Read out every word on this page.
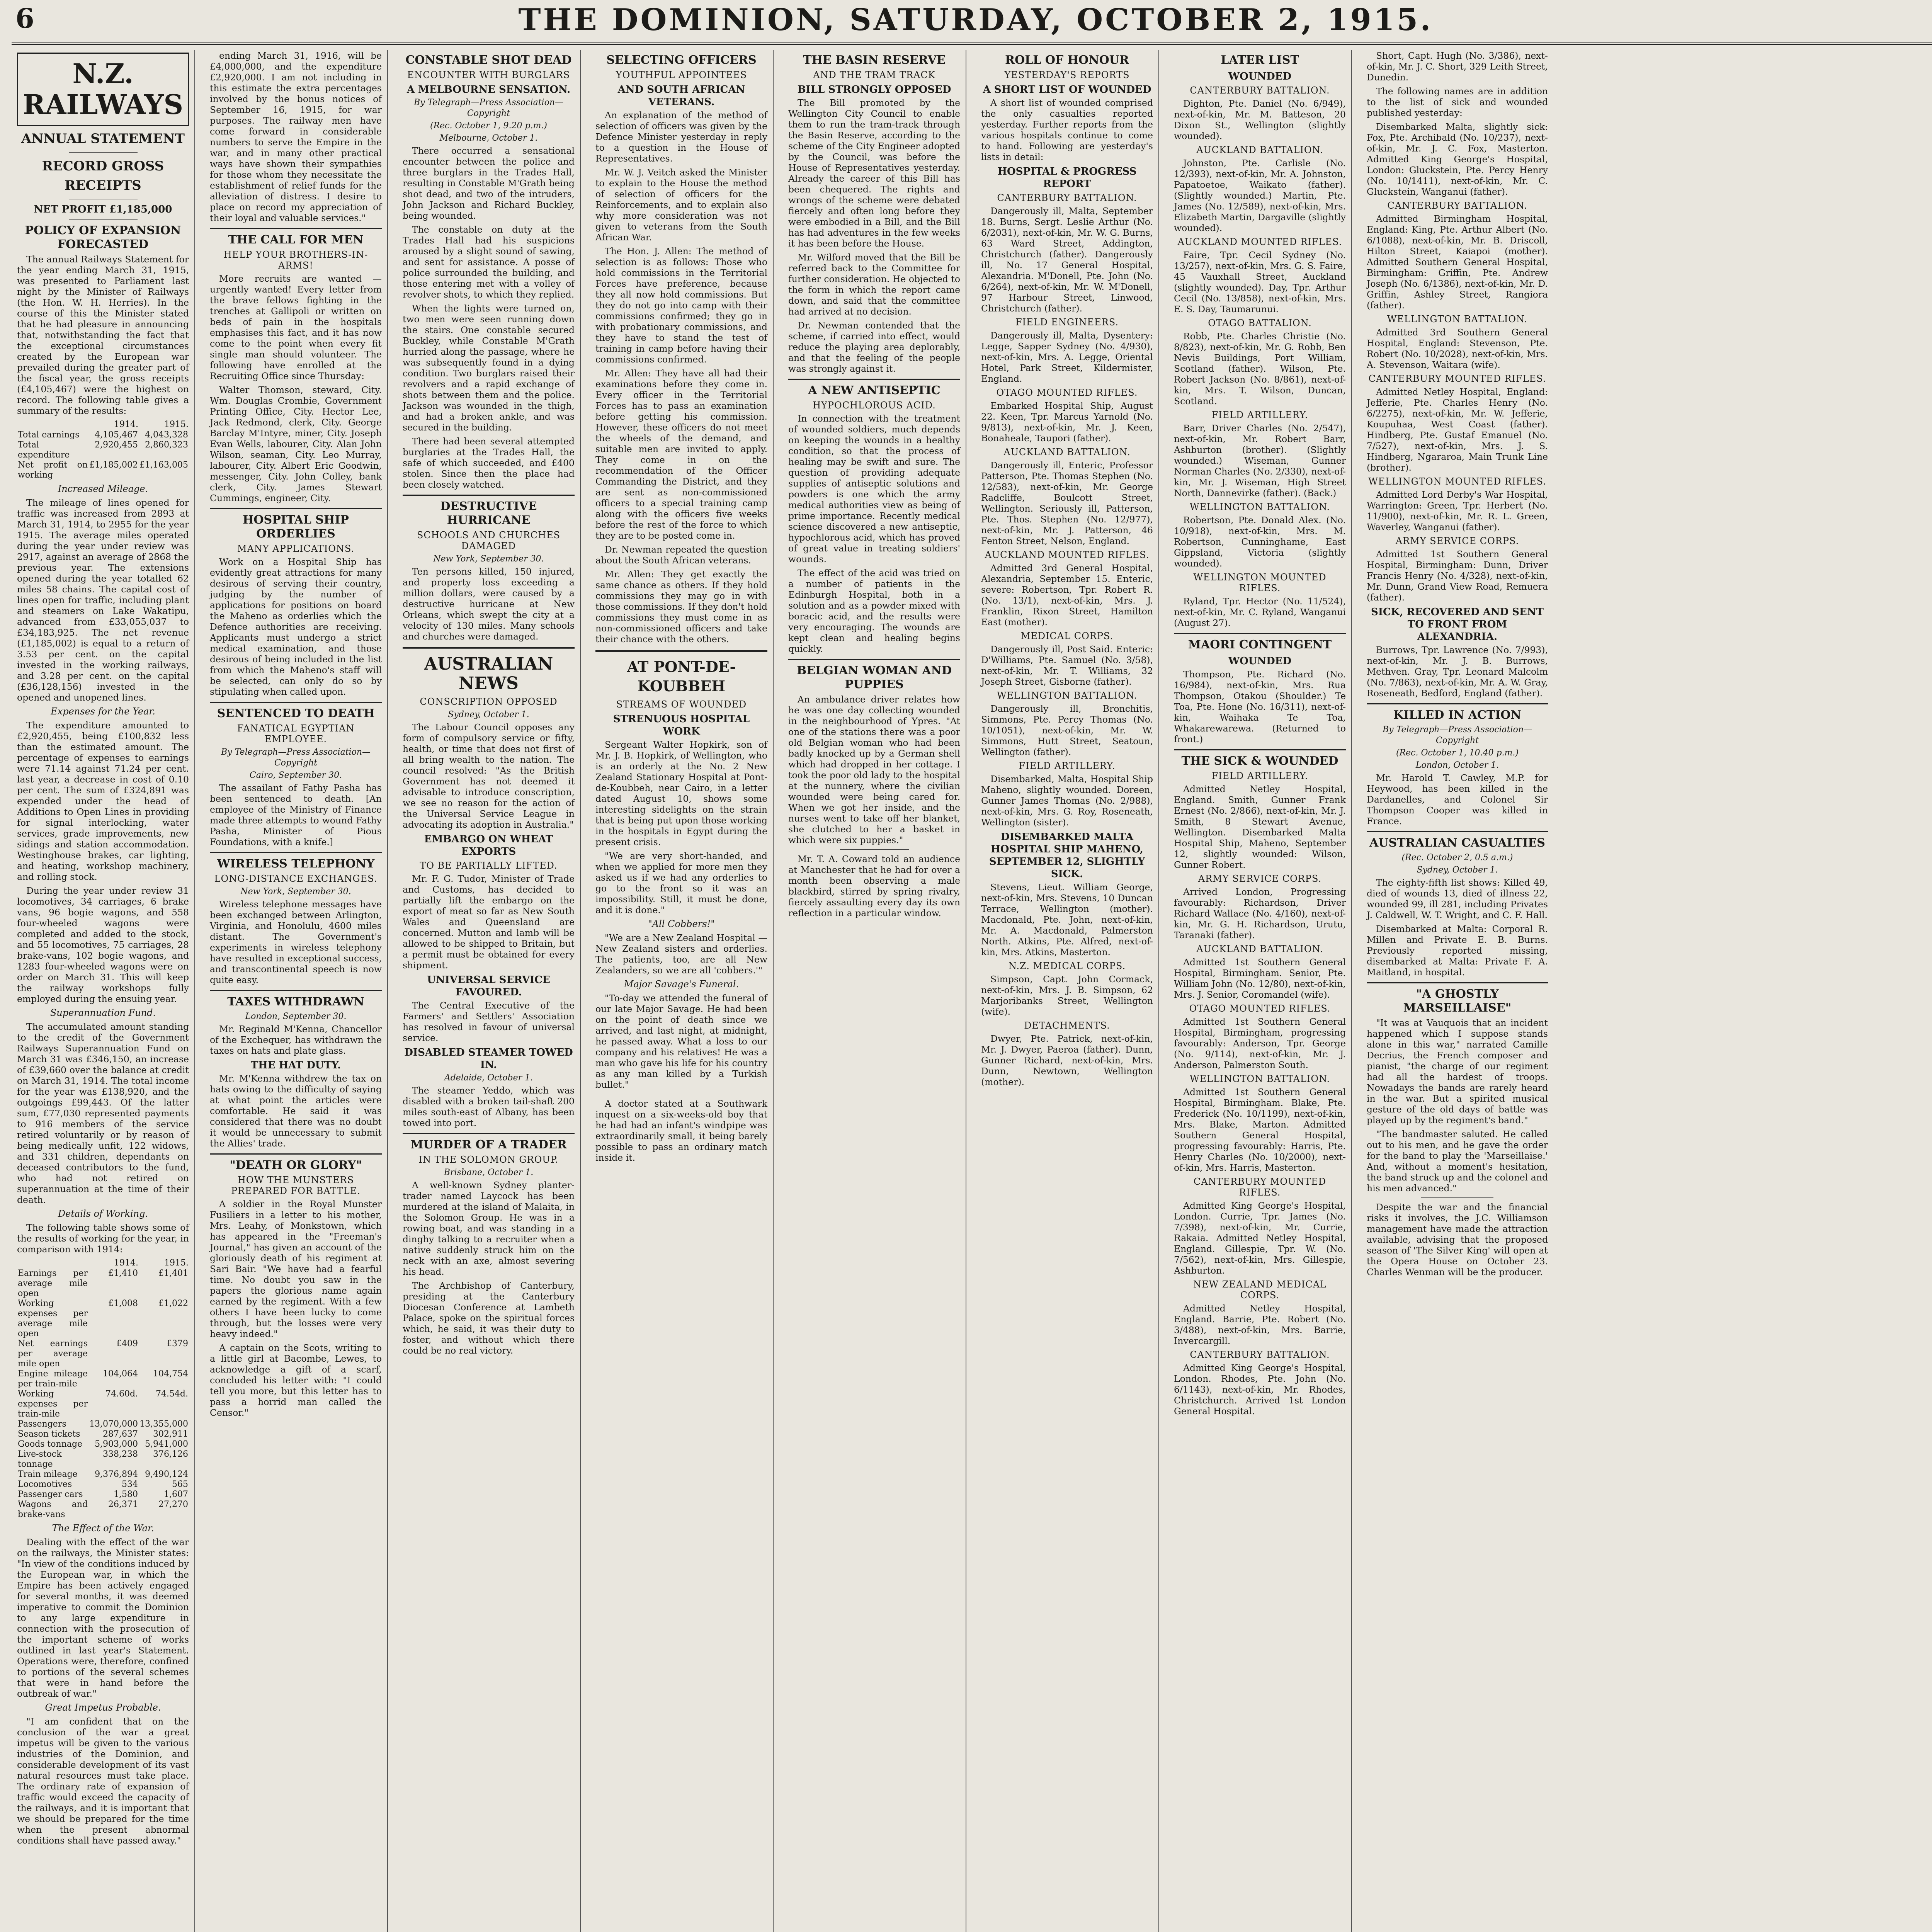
6	THE DOMINION, SATURDAY, OCTOBER 2, 1915.
N.Z. RAILWAYS
ANNUAL STATEMENT
RECORD GROSS RECEIPTS
NET PROFIT £1,185,000
POLICY OF EXPANSION FORECASTED

The annual Railways Statement for the year ending March 31, 1915, was presented to Parliament last night by the Minister of Railways (the Hon. W. H. Herries). In the course of this the Minister stated that he had pleasure in announcing that, notwithstanding the fact that the exceptional circumstances created by the European war prevailed during the greater part of the fiscal year, the gross receipts (£4,105,467) were the highest on record. The following table gives a summary of the results:

	1914.	1915.
Total earnings	4,105,467	4,043,328
Total expenditure	2,920,455	2,860,323
Net profit on working	£1,185,002	£1,163,005
Increased Mileage.

The mileage of lines opened for traffic was increased from 2893 at March 31, 1914, to 2955 for the year 1915. The average miles operated during the year under review was 2917, against an average of 2868 the previous year. The extensions opened during the year totalled 62 miles 58 chains. The capital cost of lines open for traffic, including plant and steamers on Lake Wakatipu, advanced from £33,055,037 to £34,183,925. The net revenue (£1,185,002) is equal to a return of 3.53 per cent. on the capital invested in the working railways, and 3.28 per cent. on the capital (£36,128,156) invested in the opened and unopened lines.

Expenses for the Year.

The expenditure amounted to £2,920,455, being £100,832 less than the estimated amount. The percentage of expenses to earnings were 71.14 against 71.24 per cent. last year, a decrease in cost of 0.10 per cent. The sum of £324,891 was expended under the head of Additions to Open Lines in providing for signal interlocking, water services, grade improvements, new sidings and station accommodation. Westinghouse brakes, car lighting, and heating, workshop machinery, and rolling stock.

During the year under review 31 locomotives, 34 carriages, 6 brake vans, 96 bogie wagons, and 558 four-wheeled wagons were completed and added to the stock, and 55 locomotives, 75 carriages, 28 brake-vans, 102 bogie wagons, and 1283 four-wheeled wagons were on order on March 31. This will keep the railway workshops fully employed during the ensuing year.

Superannuation Fund.

The accumulated amount standing to the credit of the Government Railways Superannuation Fund on March 31 was £346,150, an increase of £39,660 over the balance at credit on March 31, 1914. The total income for the year was £138,920, and the outgoings £99,443. Of the latter sum, £77,030 represented payments to 916 members of the service retired voluntarily or by reason of being medically unfit, 122 widows, and 331 children, dependants on deceased contributors to the fund, who had not retired on superannuation at the time of their death.

Details of Working.

The following table shows some of the results of working for the year, in comparison with 1914:

	1914.	1915.
Earnings per average mile open	£1,410	£1,401
Working expenses per average mile open	£1,008	£1,022
Net earnings per average mile open	£409	£379
Engine mileage per train-mile	104,064	104,754
Working expenses per train-mile	74.60d.	74.54d.
Passengers	13,070,000	13,355,000
Season tickets	287,637	302,911
Goods tonnage	5,903,000	5,941,000
Live-stock tonnage	338,238	376,126
Train mileage	9,376,894	9,490,124
Locomotives	534	565
Passenger cars	1,580	1,607
Wagons and brake-vans	26,371	27,270
The Effect of the War.

Dealing with the effect of the war on the railways, the Minister states: "In view of the conditions induced by the European war, in which the Empire has been actively engaged for several months, it was deemed imperative to commit the Dominion to any large expenditure in connection with the prosecution of the important scheme of works outlined in last year's Statement. Operations were, therefore, confined to portions of the several schemes that were in hand before the outbreak of war."

Great Impetus Probable.

"I am confident that on the conclusion of the war a great impetus will be given to the various industries of the Dominion, and considerable development of its vast natural resources must take place. The ordinary rate of expansion of traffic would exceed the capacity of the railways, and it is important that we should be prepared for the time when the present abnormal conditions shall have passed away."

ending March 31, 1916, will be £4,000,000, and the expenditure £2,920,000. I am not including in this estimate the extra percentages involved by the bonus notices of September 16, 1915, for war purposes. The railway men have come forward in considerable numbers to serve the Empire in the war, and in many other practical ways have shown their sympathies for those whom they necessitate the establishment of relief funds for the alleviation of distress. I desire to place on record my appreciation of their loyal and valuable services."

THE CALL FOR MEN
HELP YOUR BROTHERS-IN-ARMS!

More recruits are wanted — urgently wanted! Every letter from the brave fellows fighting in the trenches at Gallipoli or written on beds of pain in the hospitals emphasises this fact, and it has now come to the point when every fit single man should volunteer. The following have enrolled at the Recruiting Office since Thursday:

Walter Thomson, steward, City. Wm. Douglas Crombie, Government Printing Office, City. Hector Lee, Jack Redmond, clerk, City. George Barclay M'Intyre, miner, City. Joseph Evan Wells, labourer, City. Alan John Wilson, seaman, City. Leo Murray, labourer, City. Albert Eric Goodwin, messenger, City. John Colley, bank clerk, City. James Stewart Cummings, engineer, City.

HOSPITAL SHIP ORDERLIES
MANY APPLICATIONS.

Work on a Hospital Ship has evidently great attractions for many desirous of serving their country, judging by the number of applications for positions on board the Maheno as orderlies which the Defence authorities are receiving. Applicants must undergo a strict medical examination, and those desirous of being included in the list from which the Maheno's staff will be selected, can only do so by stipulating when called upon.

SENTENCED TO DEATH
FANATICAL EGYPTIAN EMPLOYEE.
By Telegraph—Press Association—Copyright
Cairo, September 30.

The assailant of Fathy Pasha has been sentenced to death. [An employee of the Ministry of Finance made three attempts to wound Fathy Pasha, Minister of Pious Foundations, with a knife.]

WIRELESS TELEPHONY
LONG-DISTANCE EXCHANGES.
New York, September 30.

Wireless telephone messages have been exchanged between Arlington, Virginia, and Honolulu, 4600 miles distant. The Government's experiments in wireless telephony have resulted in exceptional success, and transcontinental speech is now quite easy.

TAXES WITHDRAWN
London, September 30.

Mr. Reginald M'Kenna, Chancellor of the Exchequer, has withdrawn the taxes on hats and plate glass.

THE HAT DUTY.

Mr. M'Kenna withdrew the tax on hats owing to the difficulty of saying at what point the articles were comfortable. He said it was considered that there was no doubt it would be unnecessary to submit the Allies' trade.

"DEATH OR GLORY"
HOW THE MUNSTERS PREPARED FOR BATTLE.

A soldier in the Royal Munster Fusiliers in a letter to his mother, Mrs. Leahy, of Monkstown, which has appeared in the "Freeman's Journal," has given an account of the gloriously death of his regiment at Sari Bair. "We have had a fearful time. No doubt you saw in the papers the glorious name again earned by the regiment. With a few others I have been lucky to come through, but the losses were very heavy indeed."

A captain on the Scots, writing to a little girl at Bacombe, Lewes, to acknowledge a gift of a scarf, concluded his letter with: "I could tell you more, but this letter has to pass a horrid man called the Censor."

CONSTABLE SHOT DEAD
ENCOUNTER WITH BURGLARS
A MELBOURNE SENSATION.
By Telegraph—Press Association—Copyright
(Rec. October 1, 9.20 p.m.)
Melbourne, October 1.

There occurred a sensational encounter between the police and three burglars in the Trades Hall, resulting in Constable M'Grath being shot dead, and two of the intruders, John Jackson and Richard Buckley, being wounded.

The constable on duty at the Trades Hall had his suspicions aroused by a slight sound of sawing, and sent for assistance. A posse of police surrounded the building, and those entering met with a volley of revolver shots, to which they replied.

When the lights were turned on, two men were seen running down the stairs. One constable secured Buckley, while Constable M'Grath hurried along the passage, where he was subsequently found in a dying condition. Two burglars raised their revolvers and a rapid exchange of shots between them and the police. Jackson was wounded in the thigh, and had a broken ankle, and was secured in the building.

There had been several attempted burglaries at the Trades Hall, the safe of which succeeded, and £400 stolen. Since then the place had been closely watched.

DESTRUCTIVE HURRICANE
SCHOOLS AND CHURCHES DAMAGED
New York, September 30.

Ten persons killed, 150 injured, and property loss exceeding a million dollars, were caused by a destructive hurricane at New Orleans, which swept the city at a velocity of 130 miles. Many schools and churches were damaged.

AUSTRALIAN NEWS
CONSCRIPTION OPPOSED
Sydney, October 1.

The Labour Council opposes any form of compulsory service or fifty, health, or time that does not first of all bring wealth to the nation. The council resolved: "As the British Government has not deemed it advisable to introduce conscription, we see no reason for the action of the Universal Service League in advocating its adoption in Australia."

EMBARGO ON WHEAT EXPORTS
TO BE PARTIALLY LIFTED.

Mr. F. G. Tudor, Minister of Trade and Customs, has decided to partially lift the embargo on the export of meat so far as New South Wales and Queensland are concerned. Mutton and lamb will be allowed to be shipped to Britain, but a permit must be obtained for every shipment.

UNIVERSAL SERVICE FAVOURED.

The Central Executive of the Farmers' and Settlers' Association has resolved in favour of universal service.

DISABLED STEAMER TOWED IN.
Adelaide, October 1.

The steamer Yeddo, which was disabled with a broken tail-shaft 200 miles south-east of Albany, has been towed into port.

MURDER OF A TRADER
IN THE SOLOMON GROUP.
Brisbane, October 1.

A well-known Sydney planter-trader named Laycock has been murdered at the island of Malaita, in the Solomon Group. He was in a rowing boat, and was standing in a dinghy talking to a recruiter when a native suddenly struck him on the neck with an axe, almost severing his head.

The Archbishop of Canterbury, presiding at the Canterbury Diocesan Conference at Lambeth Palace, spoke on the spiritual forces which, he said, it was their duty to foster, and without which there could be no real victory.

SELECTING OFFICERS
YOUTHFUL APPOINTEES
AND SOUTH AFRICAN VETERANS.

An explanation of the method of selection of officers was given by the Defence Minister yesterday in reply to a question in the House of Representatives.

Mr. W. J. Veitch asked the Minister to explain to the House the method of selection of officers for the Reinforcements, and to explain also why more consideration was not given to veterans from the South African War.

The Hon. J. Allen: The method of selection is as follows: Those who hold commissions in the Territorial Forces have preference, because they all now hold commissions. But they do not go into camp with their commissions confirmed; they go in with probationary commissions, and they have to stand the test of training in camp before having their commissions confirmed.

Mr. Allen: They have all had their examinations before they come in. Every officer in the Territorial Forces has to pass an examination before getting his commission. However, these officers do not meet the wheels of the demand, and suitable men are invited to apply. They come in on the recommendation of the Officer Commanding the District, and they are sent as non-commissioned officers to a special training camp along with the officers five weeks before the rest of the force to which they are to be posted come in.

Dr. Newman repeated the question about the South African veterans.

Mr. Allen: They get exactly the same chance as others. If they hold commissions they may go in with those commissions. If they don't hold commissions they must come in as non-commissioned officers and take their chance with the others.

AT PONT-DE-KOUBBEH
STREAMS OF WOUNDED
STRENUOUS HOSPITAL WORK

Sergeant Walter Hopkirk, son of Mr. J. B. Hopkirk, of Wellington, who is an orderly at the No. 2 New Zealand Stationary Hospital at Pont-de-Koubbeh, near Cairo, in a letter dated August 10, shows some interesting sidelights on the strain that is being put upon those working in the hospitals in Egypt during the present crisis.

"We are very short-handed, and when we applied for more men they asked us if we had any orderlies to go to the front so it was an impossibility. Still, it must be done, and it is done."

"All Cobbers!"

"We are a New Zealand Hospital — New Zealand sisters and orderlies. The patients, too, are all New Zealanders, so we are all 'cobbers.'"

Major Savage's Funeral.

"To-day we attended the funeral of our late Major Savage. He had been on the point of death since we arrived, and last night, at midnight, he passed away. What a loss to our company and his relatives! He was a man who gave his life for his country as any man killed by a Turkish bullet."

A doctor stated at a Southwark inquest on a six-weeks-old boy that he had had an infant's windpipe was extraordinarily small, it being barely possible to pass an ordinary match inside it.

THE BASIN RESERVE
AND THE TRAM TRACK
BILL STRONGLY OPPOSED

The Bill promoted by the Wellington City Council to enable them to run the tram-track through the Basin Reserve, according to the scheme of the City Engineer adopted by the Council, was before the House of Representatives yesterday. Already the career of this Bill has been chequered. The rights and wrongs of the scheme were debated fiercely and often long before they were embodied in a Bill, and the Bill has had adventures in the few weeks it has been before the House.

Mr. Wilford moved that the Bill be referred back to the Committee for further consideration. He objected to the form in which the report came down, and said that the committee had arrived at no decision.

Dr. Newman contended that the scheme, if carried into effect, would reduce the playing area deplorably, and that the feeling of the people was strongly against it.

A NEW ANTISEPTIC
HYPOCHLOROUS ACID.

In connection with the treatment of wounded soldiers, much depends on keeping the wounds in a healthy condition, so that the process of healing may be swift and sure. The question of providing adequate supplies of antiseptic solutions and powders is one which the army medical authorities view as being of prime importance. Recently medical science discovered a new antiseptic, hypochlorous acid, which has proved of great value in treating soldiers' wounds.

The effect of the acid was tried on a number of patients in the Edinburgh Hospital, both in a solution and as a powder mixed with boracic acid, and the results were very encouraging. The wounds are kept clean and healing begins quickly.

BELGIAN WOMAN AND PUPPIES

An ambulance driver relates how he was one day collecting wounded in the neighbourhood of Ypres. "At one of the stations there was a poor old Belgian woman who had been badly knocked up by a German shell which had dropped in her cottage. I took the poor old lady to the hospital at the nunnery, where the civilian wounded were being cared for. When we got her inside, and the nurses went to take off her blanket, she clutched to her a basket in which were six puppies."

Mr. T. A. Coward told an audience at Manchester that he had for over a month been observing a male blackbird, stirred by spring rivalry, fiercely assaulting every day its own reflection in a particular window.

ROLL OF HONOUR
YESTERDAY'S REPORTS
A SHORT LIST OF WOUNDED

A short list of wounded comprised the only casualties reported yesterday. Further reports from the various hospitals continue to come to hand. Following are yesterday's lists in detail:

HOSPITAL & PROGRESS REPORT
CANTERBURY BATTALION.

Dangerously ill, Malta, September 18. Burns, Sergt. Leslie Arthur (No. 6/2031), next-of-kin, Mr. W. G. Burns, 63 Ward Street, Addington, Christchurch (father). Dangerously ill, No. 17 General Hospital, Alexandria. M'Donell, Pte. John (No. 6/264), next-of-kin, Mr. W. M'Donell, 97 Harbour Street, Linwood, Christchurch (father).

FIELD ENGINEERS.

Dangerously ill, Malta, Dysentery: Legge, Sapper Sydney (No. 4/930), next-of-kin, Mrs. A. Legge, Oriental Hotel, Park Street, Kildermister, England.

OTAGO MOUNTED RIFLES.

Embarked Hospital Ship, August 22. Keen, Tpr. Marcus Yarnold (No. 9/813), next-of-kin, Mr. J. Keen, Bonaheale, Taupori (father).

AUCKLAND BATTALION.

Dangerously ill, Enteric, Professor Patterson, Pte. Thomas Stephen (No. 12/583), next-of-kin, Mr. George Radcliffe, Boulcott Street, Wellington. Seriously ill, Patterson, Pte. Thos. Stephen (No. 12/977), next-of-kin, Mr. J. Patterson, 46 Fenton Street, Nelson, England.

AUCKLAND MOUNTED RIFLES.

Admitted 3rd General Hospital, Alexandria, September 15. Enteric, severe: Robertson, Tpr. Robert R. (No. 13/1), next-of-kin, Mrs. J. Franklin, Rixon Street, Hamilton East (mother).

MEDICAL CORPS.

Dangerously ill, Post Said. Enteric: D'Williams, Pte. Samuel (No. 3/58), next-of-kin, Mr. T. Williams, 32 Joseph Street, Gisborne (father).

WELLINGTON BATTALION.

Dangerously ill, Bronchitis, Simmons, Pte. Percy Thomas (No. 10/1051), next-of-kin, Mr. W. Simmons, Hutt Street, Seatoun, Wellington (father).

FIELD ARTILLERY.

Disembarked, Malta, Hospital Ship Maheno, slightly wounded. Doreen, Gunner James Thomas (No. 2/988), next-of-kin, Mrs. G. Roy, Roseneath, Wellington (sister).

DISEMBARKED MALTA HOSPITAL SHIP MAHENO, SEPTEMBER 12, SLIGHTLY SICK.

Stevens, Lieut. William George, next-of-kin, Mrs. Stevens, 10 Duncan Terrace, Wellington (mother). Macdonald, Pte. John, next-of-kin, Mr. A. Macdonald, Palmerston North. Atkins, Pte. Alfred, next-of-kin, Mrs. Atkins, Masterton.

N.Z. MEDICAL CORPS.

Simpson, Capt. John Cormack, next-of-kin, Mrs. J. B. Simpson, 62 Marjoribanks Street, Wellington (wife).

DETACHMENTS.

Dwyer, Pte. Patrick, next-of-kin, Mr. J. Dwyer, Paeroa (father). Dunn, Gunner Richard, next-of-kin, Mrs. Dunn, Newtown, Wellington (mother).

LATER LIST
WOUNDED
CANTERBURY BATTALION.

Dighton, Pte. Daniel (No. 6/949), next-of-kin, Mr. M. Batteson, 20 Dixon St., Wellington (slightly wounded).

AUCKLAND BATTALION.

Johnston, Pte. Carlisle (No. 12/393), next-of-kin, Mr. A. Johnston, Papatoetoe, Waikato (father). (Slightly wounded.) Martin, Pte. James (No. 12/589), next-of-kin, Mrs. Elizabeth Martin, Dargaville (slightly wounded).

AUCKLAND MOUNTED RIFLES.

Faire, Tpr. Cecil Sydney (No. 13/257), next-of-kin, Mrs. G. S. Faire, 45 Vauxhall Street, Auckland (slightly wounded). Day, Tpr. Arthur Cecil (No. 13/858), next-of-kin, Mrs. E. S. Day, Taumarunui.

OTAGO BATTALION.

Robb, Pte. Charles Christie (No. 8/823), next-of-kin, Mr. G. Robb, Ben Nevis Buildings, Port William, Scotland (father). Wilson, Pte. Robert Jackson (No. 8/861), next-of-kin, Mrs. T. Wilson, Duncan, Scotland.

FIELD ARTILLERY.

Barr, Driver Charles (No. 2/547), next-of-kin, Mr. Robert Barr, Ashburton (brother). (Slightly wounded.) Wiseman, Gunner Norman Charles (No. 2/330), next-of-kin, Mr. J. Wiseman, High Street North, Dannevirke (father). (Back.)

WELLINGTON BATTALION.

Robertson, Pte. Donald Alex. (No. 10/918), next-of-kin, Mrs. M. Robertson, Cunninghame, East Gippsland, Victoria (slightly wounded).

WELLINGTON MOUNTED RIFLES.

Ryland, Tpr. Hector (No. 11/524), next-of-kin, Mr. C. Ryland, Wanganui (August 27).

MAORI CONTINGENT
WOUNDED

Thompson, Pte. Richard (No. 16/984), next-of-kin, Mrs. Rua Thompson, Otakou (Shoulder.) Te Toa, Pte. Hone (No. 16/311), next-of-kin, Waihaka Te Toa, Whakarewarewa. (Returned to front.)

THE SICK & WOUNDED
FIELD ARTILLERY.

Admitted Netley Hospital, England. Smith, Gunner Frank Ernest (No. 2/866), next-of-kin, Mr. J. Smith, 8 Stewart Avenue, Wellington. Disembarked Malta Hospital Ship, Maheno, September 12, slightly wounded: Wilson, Gunner Robert.

ARMY SERVICE CORPS.

Arrived London, Progressing favourably: Richardson, Driver Richard Wallace (No. 4/160), next-of-kin, Mr. G. H. Richardson, Urutu, Taranaki (father).

AUCKLAND BATTALION.

Admitted 1st Southern General Hospital, Birmingham. Senior, Pte. William John (No. 12/80), next-of-kin, Mrs. J. Senior, Coromandel (wife).

OTAGO MOUNTED RIFLES.

Admitted 1st Southern General Hospital, Birmingham, progressing favourably: Anderson, Tpr. George (No. 9/114), next-of-kin, Mr. J. Anderson, Palmerston South.

WELLINGTON BATTALION.

Admitted 1st Southern General Hospital, Birmingham. Blake, Pte. Frederick (No. 10/1199), next-of-kin, Mrs. Blake, Marton. Admitted Southern General Hospital, progressing favourably: Harris, Pte. Henry Charles (No. 10/2000), next-of-kin, Mrs. Harris, Masterton.

CANTERBURY MOUNTED RIFLES.

Admitted King George's Hospital, London. Currie, Tpr. James (No. 7/398), next-of-kin, Mr. Currie, Rakaia. Admitted Netley Hospital, England. Gillespie, Tpr. W. (No. 7/562), next-of-kin, Mrs. Gillespie, Ashburton.

NEW ZEALAND MEDICAL CORPS.

Admitted Netley Hospital, England. Barrie, Pte. Robert (No. 3/488), next-of-kin, Mrs. Barrie, Invercargill.

CANTERBURY BATTALION.

Admitted King George's Hospital, London. Rhodes, Pte. John (No. 6/1143), next-of-kin, Mr. Rhodes, Christchurch. Arrived 1st London General Hospital.

Short, Capt. Hugh (No. 3/386), next-of-kin, Mr. J. C. Short, 329 Leith Street, Dunedin.

The following names are in addition to the list of sick and wounded published yesterday:

Disembarked Malta, slightly sick: Fox, Pte. Archibald (No. 10/237), next-of-kin, Mr. J. C. Fox, Masterton. Admitted King George's Hospital, London: Gluckstein, Pte. Percy Henry (No. 10/1411), next-of-kin, Mr. C. Gluckstein, Wanganui (father).

CANTERBURY BATTALION.

Admitted Birmingham Hospital, England: King, Pte. Arthur Albert (No. 6/1088), next-of-kin, Mr. B. Driscoll, Hilton Street, Kaiapoi (mother). Admitted Southern General Hospital, Birmingham: Griffin, Pte. Andrew Joseph (No. 6/1386), next-of-kin, Mr. D. Griffin, Ashley Street, Rangiora (father).

WELLINGTON BATTALION.

Admitted 3rd Southern General Hospital, England: Stevenson, Pte. Robert (No. 10/2028), next-of-kin, Mrs. A. Stevenson, Waitara (wife).

CANTERBURY MOUNTED RIFLES.

Admitted Netley Hospital, England: Jefferie, Pte. Charles Henry (No. 6/2275), next-of-kin, Mr. W. Jefferie, Koupuhaa, West Coast (father). Hindberg, Pte. Gustaf Emanuel (No. 7/527), next-of-kin, Mrs. J. S. Hindberg, Ngararoa, Main Trunk Line (brother).

WELLINGTON MOUNTED RIFLES.

Admitted Lord Derby's War Hospital, Warrington: Green, Tpr. Herbert (No. 11/900), next-of-kin, Mr. R. L. Green, Waverley, Wanganui (father).

ARMY SERVICE CORPS.

Admitted 1st Southern General Hospital, Birmingham: Dunn, Driver Francis Henry (No. 4/328), next-of-kin, Mr. Dunn, Grand View Road, Remuera (father).

SICK, RECOVERED AND SENT TO FRONT FROM ALEXANDRIA.

Burrows, Tpr. Lawrence (No. 7/993), next-of-kin, Mr. J. B. Burrows, Methven. Gray, Tpr. Leonard Malcolm (No. 7/863), next-of-kin, Mr. A. W. Gray, Roseneath, Bedford, England (father).

KILLED IN ACTION
By Telegraph—Press Association—Copyright
(Rec. October 1, 10.40 p.m.)
London, October 1.

Mr. Harold T. Cawley, M.P. for Heywood, has been killed in the Dardanelles, and Colonel Sir Thompson Cooper was killed in France.

AUSTRALIAN CASUALTIES
(Rec. October 2, 0.5 a.m.)
Sydney, October 1.

The eighty-fifth list shows: Killed 49, died of wounds 13, died of illness 22, wounded 99, ill 281, including Privates J. Caldwell, W. T. Wright, and C. F. Hall.

Disembarked at Malta: Corporal R. Millen and Private E. B. Burns. Previously reported missing, disembarked at Malta: Private F. A. Maitland, in hospital.

"A GHOSTLY MARSEILLAISE"

"It was at Vauquois that an incident happened which I suppose stands alone in this war," narrated Camille Decrius, the French composer and pianist, "the charge of our regiment had all the hardest of troops. Nowadays the bands are rarely heard in the war. But a spirited musical gesture of the old days of battle was played up by the regiment's band."

"The bandmaster saluted. He called out to his men, and he gave the order for the band to play the 'Marseillaise.' And, without a moment's hesitation, the band struck up and the colonel and his men advanced."

Despite the war and the financial risks it involves, the J.C. Williamson management have made the attraction available, advising that the proposed season of 'The Silver King' will open at the Opera House on October 23. Charles Wenman will be the producer.
